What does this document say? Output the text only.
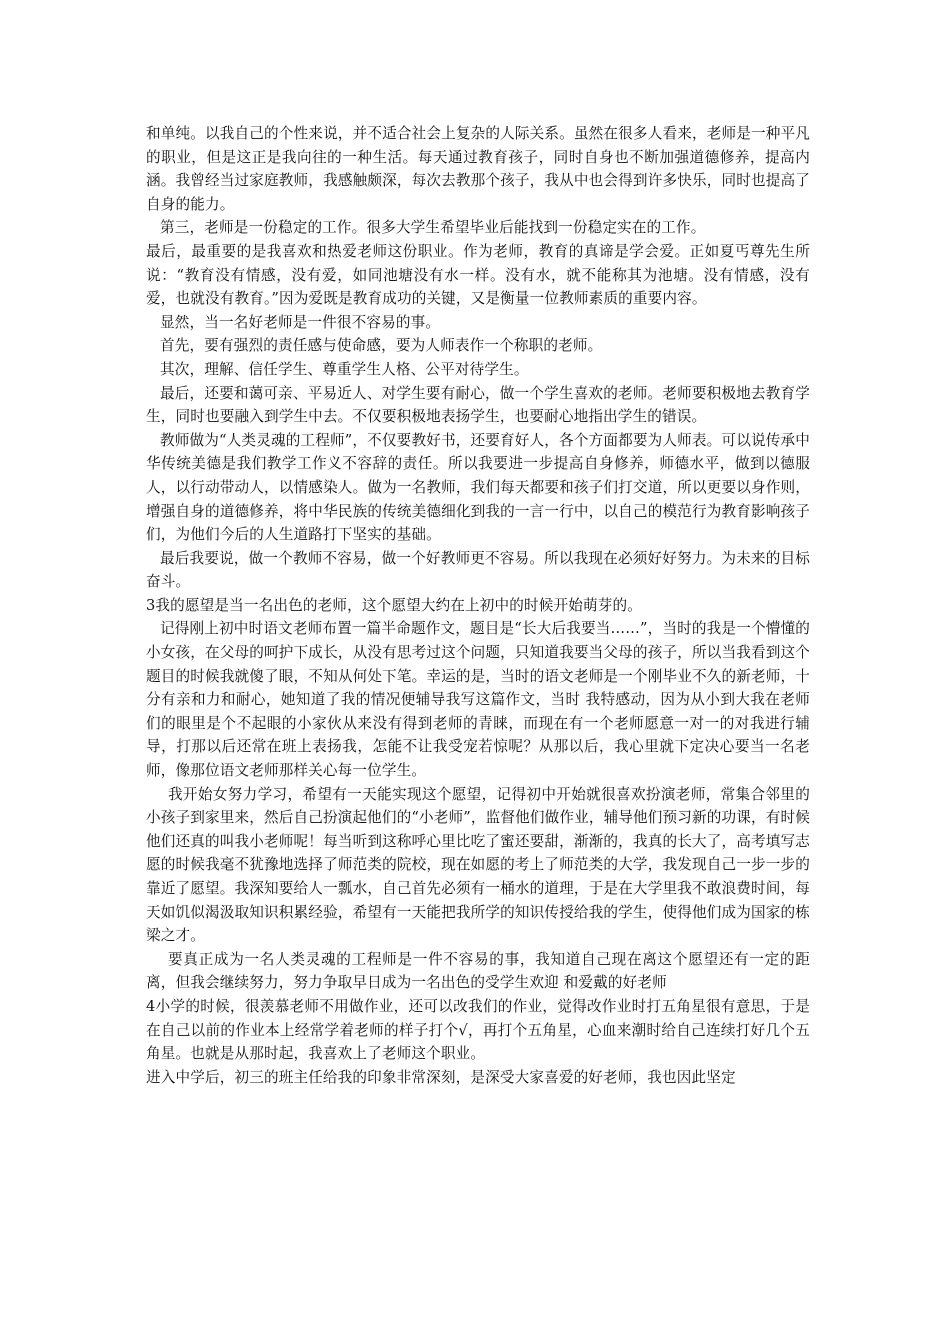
和单纯。以我自己的个性来说，并不适合社会上复杂的人际关系。虽然在很多人看来，老师是一种平凡的职业，但是这正是我向往的一种生活。每天通过教育孩子，同时自身也不断加强道德修养，提高内涵。我曾经当过家庭教师，我感触颇深，每次去教那个孩子，我从中也会得到许多快乐，同时也提高了自身的能力。

第三，老师是一份稳定的工作。很多大学生希望毕业后能找到一份稳定实在的工作。

最后，最重要的是我喜欢和热爱老师这份职业。作为老师，教育的真谛是学会爱。正如夏丐尊先生所说：“教育没有情感，没有爱，如同池塘没有水一样。没有水，就不能称其为池塘。没有情感，没有爱，也就没有教育。”因为爱既是教育成功的关键，又是衡量一位教师素质的重要内容。

显然，当一名好老师是一件很不容易的事。

首先，要有强烈的责任感与使命感，要为人师表作一个称职的老师。

其次，理解、信任学生、尊重学生人格、公平对待学生。

最后，还要和蔼可亲、平易近人、对学生要有耐心，做一个学生喜欢的老师。老师要积极地去教育学生，同时也要融入到学生中去。不仅要积极地表扬学生，也要耐心地指出学生的错误。

教师做为“人类灵魂的工程师”，不仅要教好书，还要育好人，各个方面都要为人师表。可以说传承中华传统美德是我们教学工作义不容辞的责任。所以我要进一步提高自身修养，师德水平，做到以德服人，以行动带动人，以情感染人。做为一名教师，我们每天都要和孩子们打交道，所以更要以身作则，增强自身的道德修养，将中华民族的传统美德细化到我的一言一行中，以自己的模范行为教育影响孩子们，为他们今后的人生道路打下坚实的基础。

最后我要说，做一个教师不容易，做一个好教师更不容易。所以我现在必须好好努力。为未来的目标奋斗。

3我的愿望是当一名出色的老师，这个愿望大约在上初中的时候开始萌芽的。

记得刚上初中时语文老师布置一篇半命题作文，题目是“长大后我要当……”，当时的我是一个懵懂的小女孩，在父母的呵护下成长，从没有思考过这个问题，只知道我要当父母的孩子，所以当我看到这个题目的时候我就傻了眼，不知从何处下笔。幸运的是，当时的语文老师是一个刚毕业不久的新老师，十分有亲和力和耐心，她知道了我的情况便辅导我写这篇作文，当时 我特感动，因为从小到大我在老师们的眼里是个不起眼的小家伙从来没有得到老师的青睐，而现在有一个老师愿意一对一的对我进行辅导，打那以后还常在班上表扬我，怎能不让我受宠若惊呢？从那以后，我心里就下定决心要当一名老师，像那位语文老师那样关心每一位学生。

我开始女努力学习，希望有一天能实现这个愿望，记得初中开始就很喜欢扮演老师，常集合邻里的小孩子到家里来，然后自己扮演起他们的“小老师”，监督他们做作业，辅导他们预习新的功课，有时候他们还真的叫我小老师呢！每当听到这称呼心里比吃了蜜还要甜，渐渐的，我真的长大了，高考填写志愿的时候我毫不犹豫地选择了师范类的院校，现在如愿的考上了师范类的大学，我发现自己一步一步的靠近了愿望。我深知要给人一瓢水，自己首先必须有一桶水的道理，于是在大学里我不敢浪费时间，每天如饥似渴汲取知识积累经验，希望有一天能把我所学的知识传授给我的学生，使得他们成为国家的栋梁之才。

要真正成为一名人类灵魂的工程师是一件不容易的事，我知道自己现在离这个愿望还有一定的距离，但我会继续努力，努力争取早日成为一名出色的受学生欢迎 和爱戴的好老师

4小学的时候，很羡慕老师不用做作业，还可以改我们的作业，觉得改作业时打五角星很有意思，于是在自己以前的作业本上经常学着老师的样子打个√，再打个五角星，心血来潮时给自己连续打好几个五角星。也就是从那时起，我喜欢上了老师这个职业。

进入中学后，初三的班主任给我的印象非常深刻，是深受大家喜爱的好老师，我也因此坚定
